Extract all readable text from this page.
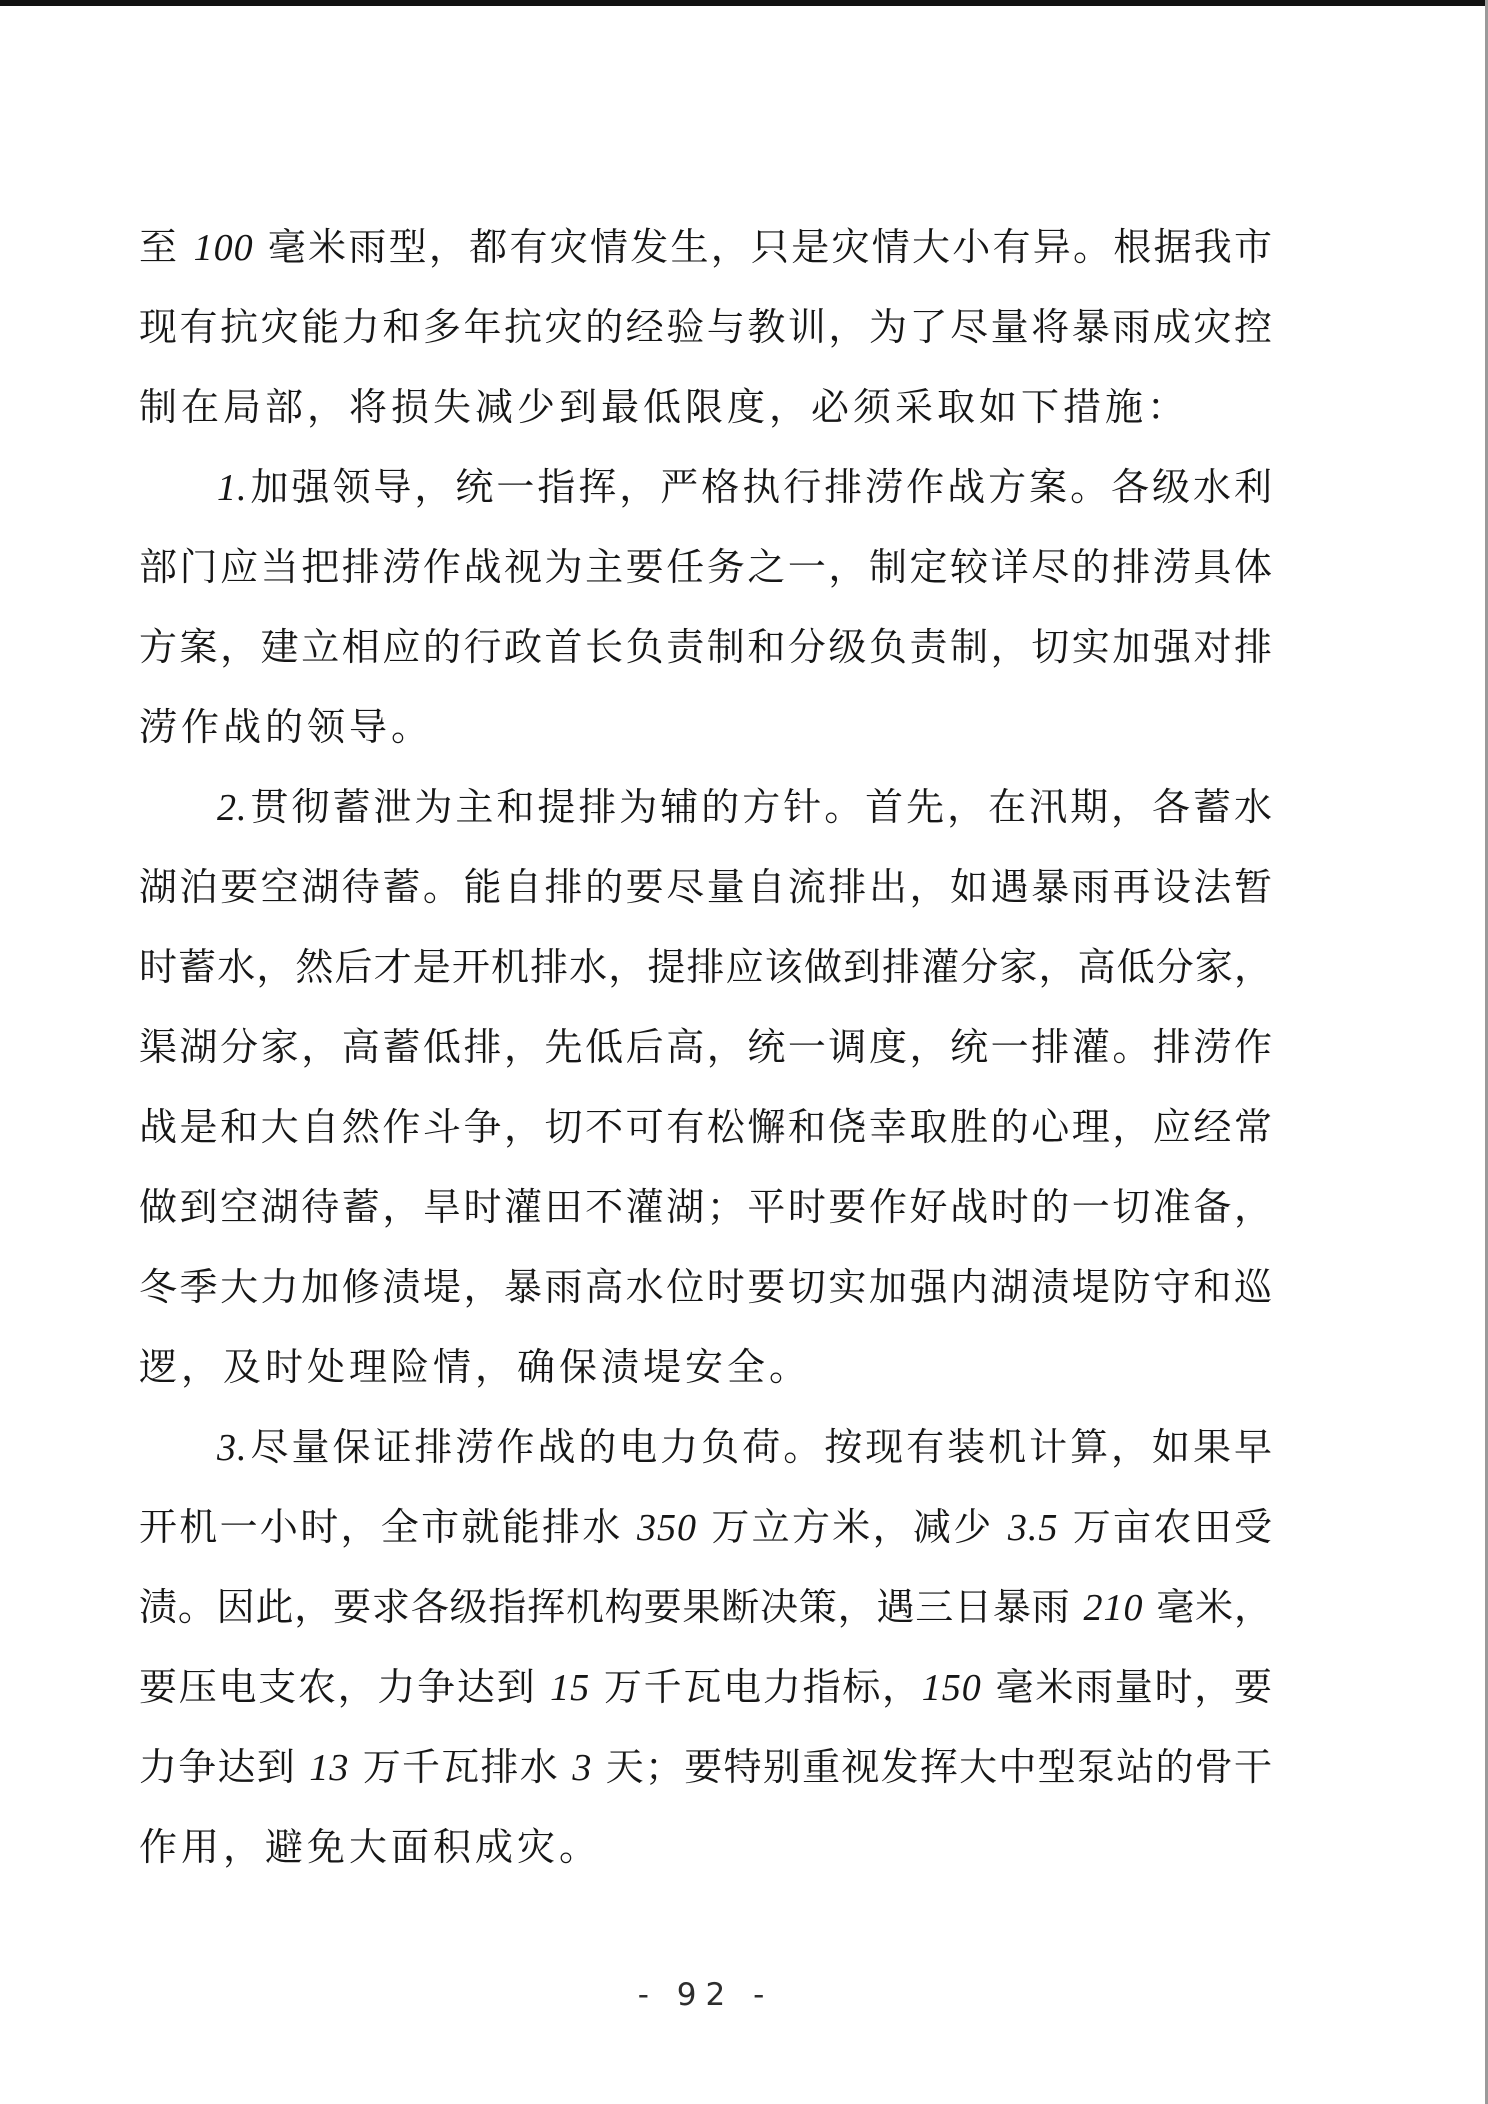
至 100 毫米雨型，都有灾情发生，只是灾情大小有异。根据我市
现有抗灾能力和多年抗灾的经验与教训，为了尽量将暴雨成灾控
制在局部，将损失减少到最低限度，必须采取如下措施：
1.加强领导，统一指挥，严格执行排涝作战方案。各级水利
部门应当把排涝作战视为主要任务之一，制定较详尽的排涝具体
方案，建立相应的行政首长负责制和分级负责制，切实加强对排
涝作战的领导。
2.贯彻蓄泄为主和提排为辅的方针。首先，在汛期，各蓄水
湖泊要空湖待蓄。能自排的要尽量自流排出，如遇暴雨再设法暂
时蓄水，然后才是开机排水，提排应该做到排灌分家，高低分家，
渠湖分家，高蓄低排，先低后高，统一调度，统一排灌。排涝作
战是和大自然作斗争，切不可有松懈和侥幸取胜的心理，应经常
做到空湖待蓄，旱时灌田不灌湖；平时要作好战时的一切准备，
冬季大力加修渍堤，暴雨高水位时要切实加强内湖渍堤防守和巡
逻，及时处理险情，确保渍堤安全。
3.尽量保证排涝作战的电力负荷。按现有装机计算，如果早
开机一小时，全市就能排水 350 万立方米，减少 3.5 万亩农田受
渍。因此，要求各级指挥机构要果断决策，遇三日暴雨 210 毫米，
要压电支农，力争达到 15 万千瓦电力指标，150 毫米雨量时，要
力争达到 13 万千瓦排水 3 天；要特别重视发挥大中型泵站的骨干
作用，避免大面积成灾。
- 92 -
